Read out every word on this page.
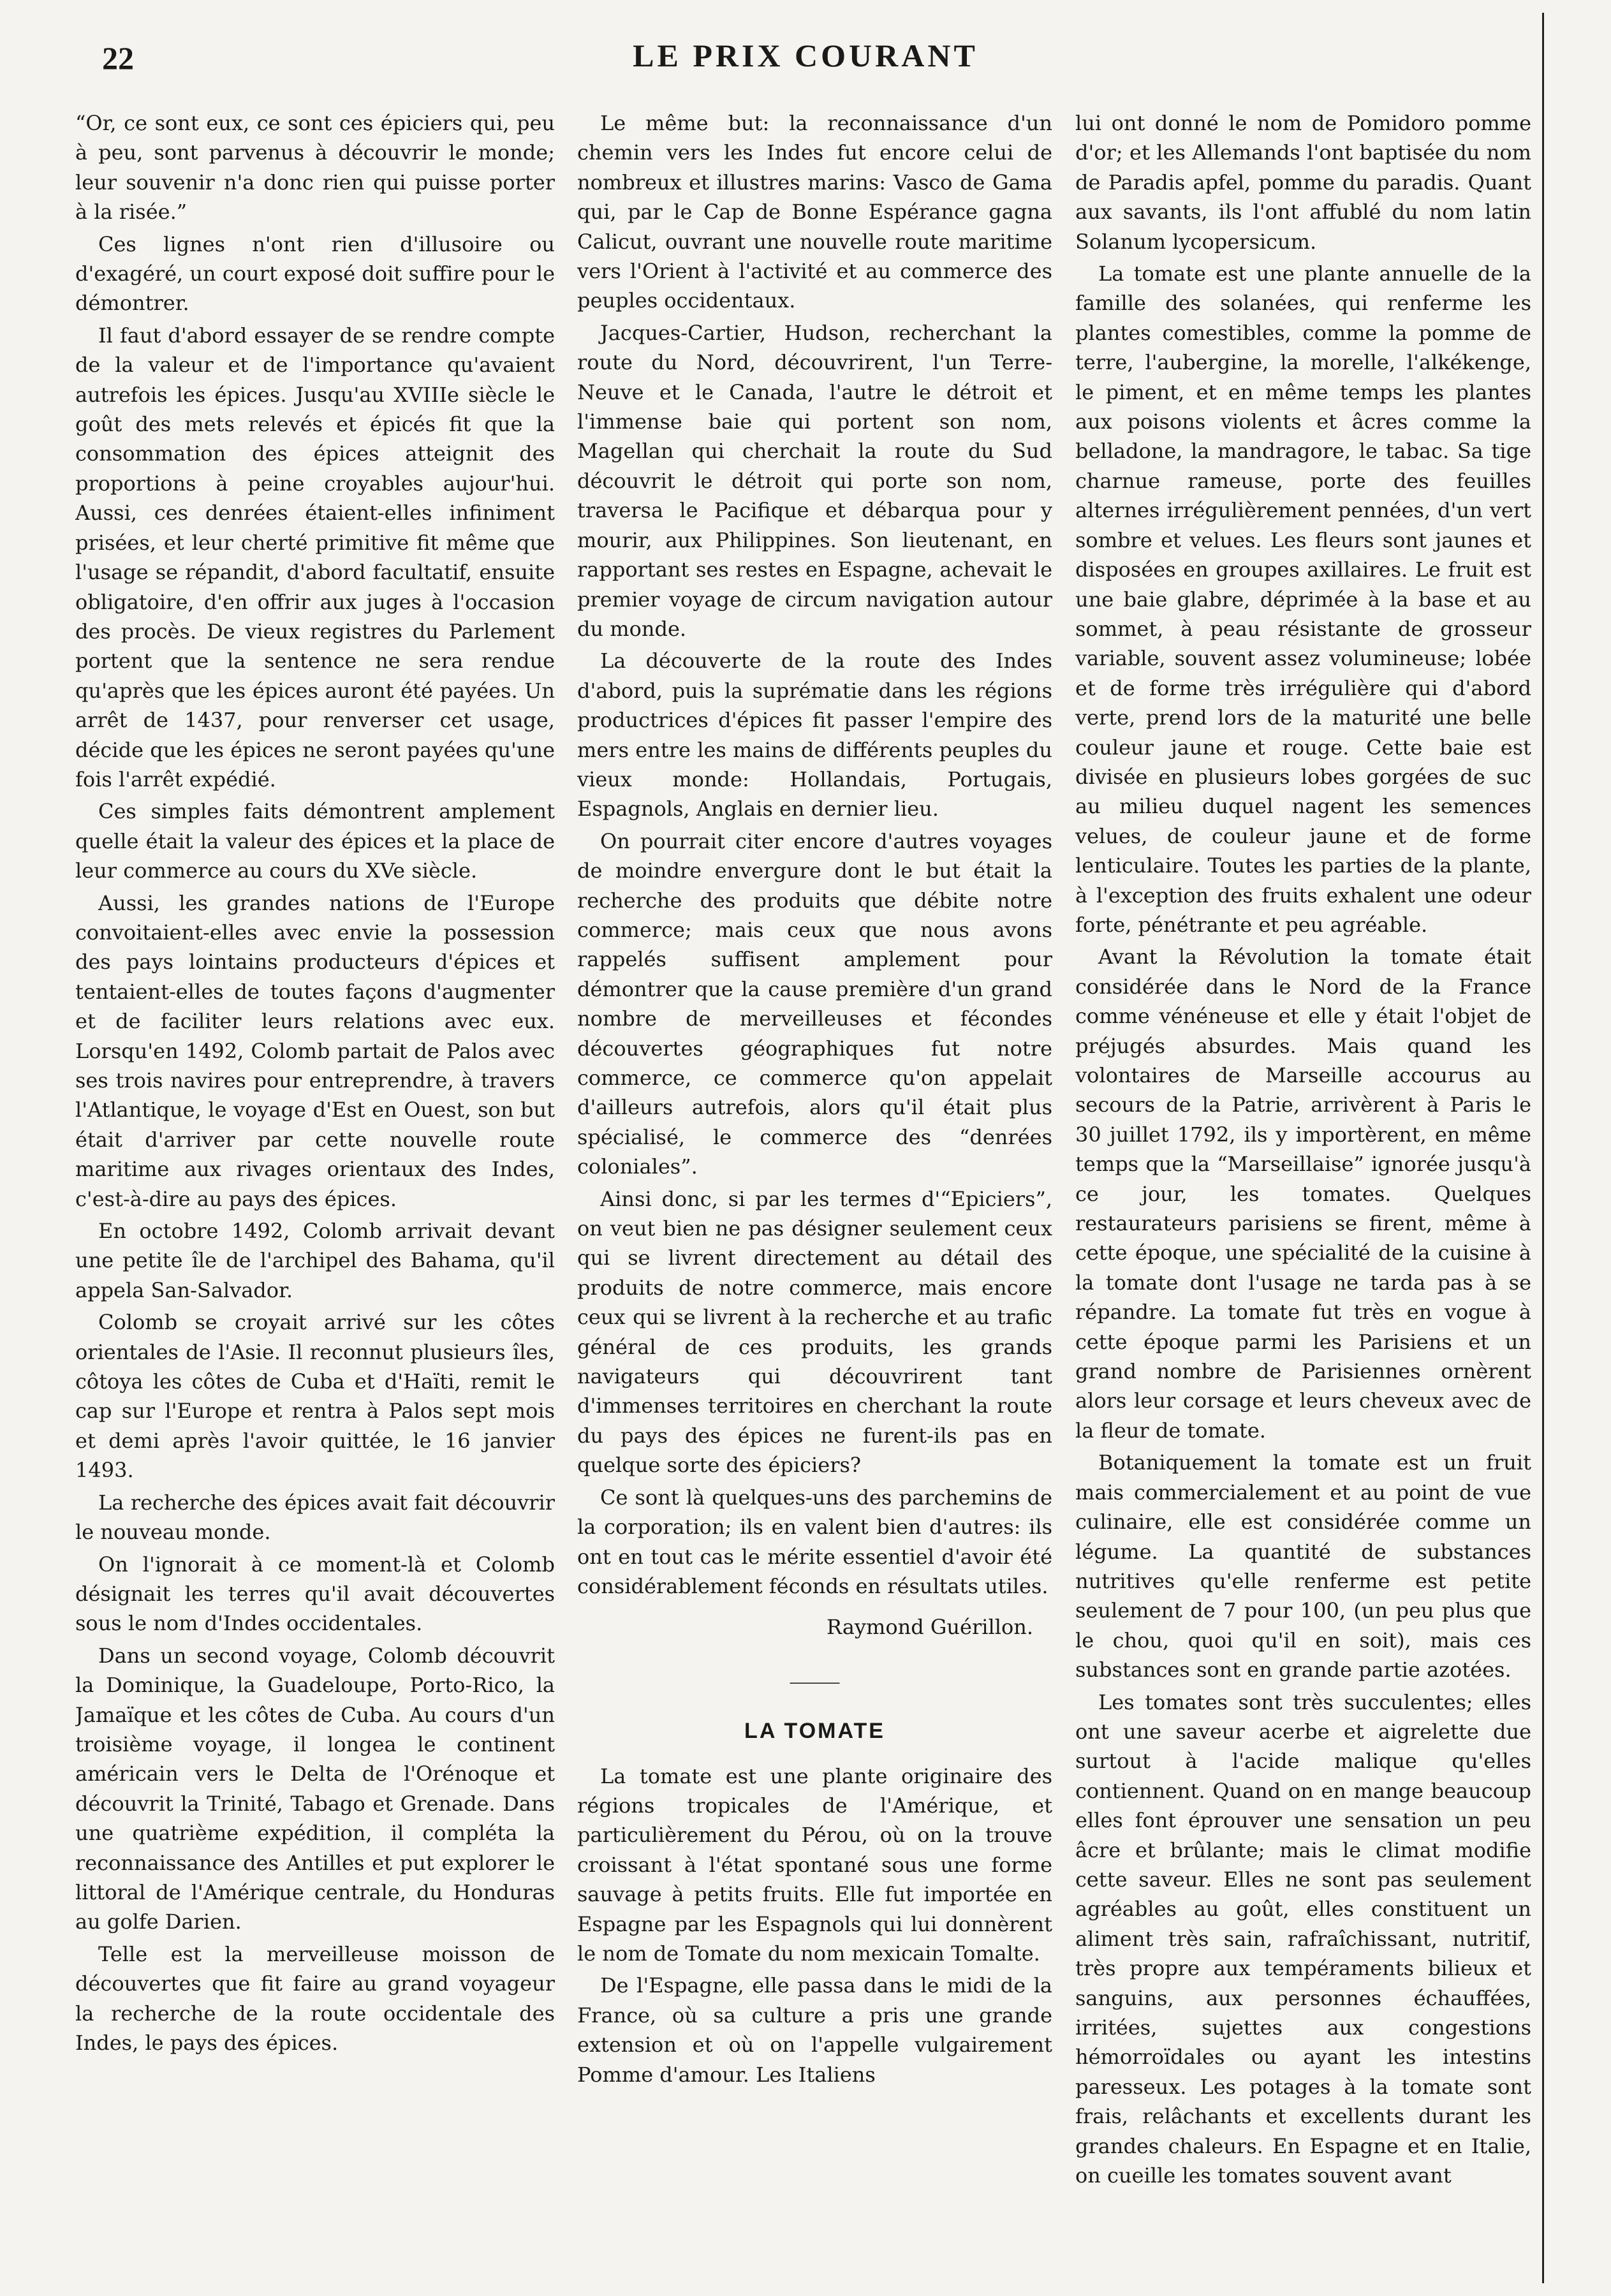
22	LE PRIX COURANT

“Or, ce sont eux, ce sont ces épiciers qui, peu à peu, sont parvenus à découvrir le monde; leur souvenir n'a donc rien qui puisse porter à la risée.”

Ces lignes n'ont rien d'illusoire ou d'exagéré, un court exposé doit suffire pour le démontrer.

Il faut d'abord essayer de se rendre compte de la valeur et de l'importance qu'avaient autrefois les épices. Jusqu'au XVIIIe siècle le goût des mets relevés et épicés fit que la consommation des épices atteignit des proportions à peine croyables aujour'hui. Aussi, ces denrées étaient-elles infiniment prisées, et leur cherté primitive fit même que l'usage se répandit, d'abord facultatif, ensuite obligatoire, d'en offrir aux juges à l'occasion des procès. De vieux registres du Parlement portent que la sentence ne sera rendue qu'après que les épices auront été payées. Un arrêt de 1437, pour renverser cet usage, décide que les épices ne seront payées qu'une fois l'arrêt expédié.

Ces simples faits démontrent amplement quelle était la valeur des épices et la place de leur commerce au cours du XVe siècle.

Aussi, les grandes nations de l'Europe convoitaient-elles avec envie la possession des pays lointains producteurs d'épices et tentaient-elles de toutes façons d'augmenter et de faciliter leurs relations avec eux. Lorsqu'en 1492, Colomb partait de Palos avec ses trois navires pour entreprendre, à travers l'Atlantique, le voyage d'Est en Ouest, son but était d'arriver par cette nouvelle route maritime aux rivages orientaux des Indes, c'est-à-dire au pays des épices.

En octobre 1492, Colomb arrivait devant une petite île de l'archipel des Bahama, qu'il appela San-Salvador.

Colomb se croyait arrivé sur les côtes orientales de l'Asie. Il reconnut plusieurs îles, côtoya les côtes de Cuba et d'Haïti, remit le cap sur l'Europe et rentra à Palos sept mois et demi après l'avoir quittée, le 16 janvier 1493.

La recherche des épices avait fait découvrir le nouveau monde.

On l'ignorait à ce moment-là et Colomb désignait les terres qu'il avait découvertes sous le nom d'Indes occidentales.

Dans un second voyage, Colomb découvrit la Dominique, la Guadeloupe, Porto-Rico, la Jamaïque et les côtes de Cuba. Au cours d'un troisième voyage, il longea le continent américain vers le Delta de l'Orénoque et découvrit la Trinité, Tabago et Grenade. Dans une quatrième expédition, il compléta la reconnaissance des Antilles et put explorer le littoral de l'Amérique centrale, du Honduras au golfe Darien.

Telle est la merveilleuse moisson de découvertes que fit faire au grand voyageur la recherche de la route occidentale des Indes, le pays des épices.

Le même but: la reconnaissance d'un chemin vers les Indes fut encore celui de nombreux et illustres marins: Vasco de Gama qui, par le Cap de Bonne Espérance gagna Calicut, ouvrant une nouvelle route maritime vers l'Orient à l'activité et au commerce des peuples occidentaux.

Jacques-Cartier, Hudson, recherchant la route du Nord, découvrirent, l'un Terre-Neuve et le Canada, l'autre le détroit et l'immense baie qui portent son nom, Magellan qui cherchait la route du Sud découvrit le détroit qui porte son nom, traversa le Pacifique et débarqua pour y mourir, aux Philippines. Son lieutenant, en rapportant ses restes en Espagne, achevait le premier voyage de circum navigation autour du monde.

La découverte de la route des Indes d'abord, puis la suprématie dans les régions productrices d'épices fit passer l'empire des mers entre les mains de différents peuples du vieux monde: Hollandais, Portugais, Espagnols, Anglais en dernier lieu.

On pourrait citer encore d'autres voyages de moindre envergure dont le but était la recherche des produits que débite notre commerce; mais ceux que nous avons rappelés suffisent amplement pour démontrer que la cause première d'un grand nombre de merveilleuses et fécondes découvertes géographiques fut notre commerce, ce commerce qu'on appelait d'ailleurs autrefois, alors qu'il était plus spécialisé, le commerce des “denrées coloniales”.

Ainsi donc, si par les termes d'“Epiciers”, on veut bien ne pas désigner seulement ceux qui se livrent directement au détail des produits de notre commerce, mais encore ceux qui se livrent à la recherche et au trafic général de ces produits, les grands navigateurs qui découvrirent tant d'immenses territoires en cherchant la route du pays des épices ne furent-ils pas en quelque sorte des épiciers?

Ce sont là quelques-uns des parchemins de la corporation; ils en valent bien d'autres: ils ont en tout cas le mérite essentiel d'avoir été considérablement féconds en résultats utiles.

Raymond Guérillon.

―――
LA TOMATE

La tomate est une plante originaire des régions tropicales de l'Amérique, et particulièrement du Pérou, où on la trouve croissant à l'état spontané sous une forme sauvage à petits fruits. Elle fut importée en Espagne par les Espagnols qui lui donnèrent le nom de Tomate du nom mexicain Tomalte.

De l'Espagne, elle passa dans le midi de la France, où sa culture a pris une grande extension et où on l'appelle vulgairement Pomme d'amour. Les Italiens

lui ont donné le nom de Pomidoro pomme d'or; et les Allemands l'ont baptisée du nom de Paradis apfel, pomme du paradis. Quant aux savants, ils l'ont affublé du nom latin Solanum lycopersicum.

La tomate est une plante annuelle de la famille des solanées, qui renferme les plantes comestibles, comme la pomme de terre, l'aubergine, la morelle, l'alkékenge, le piment, et en même temps les plantes aux poisons violents et âcres comme la belladone, la mandragore, le tabac. Sa tige charnue rameuse, porte des feuilles alternes irrégulièrement pennées, d'un vert sombre et velues. Les fleurs sont jaunes et disposées en groupes axillaires. Le fruit est une baie glabre, déprimée à la base et au sommet, à peau résistante de grosseur variable, souvent assez volumineuse; lobée et de forme très irrégulière qui d'abord verte, prend lors de la maturité une belle couleur jaune et rouge. Cette baie est divisée en plusieurs lobes gorgées de suc au milieu duquel nagent les semences velues, de couleur jaune et de forme lenticulaire. Toutes les parties de la plante, à l'exception des fruits exhalent une odeur forte, pénétrante et peu agréable.

Avant la Révolution la tomate était considérée dans le Nord de la France comme vénéneuse et elle y était l'objet de préjugés absurdes. Mais quand les volontaires de Marseille accourus au secours de la Patrie, arrivèrent à Paris le 30 juillet 1792, ils y importèrent, en même temps que la “Marseillaise” ignorée jusqu'à ce jour, les tomates. Quelques restaurateurs parisiens se firent, même à cette époque, une spécialité de la cuisine à la tomate dont l'usage ne tarda pas à se répandre. La tomate fut très en vogue à cette époque parmi les Parisiens et un grand nombre de Parisiennes ornèrent alors leur corsage et leurs cheveux avec de la fleur de tomate.

Botaniquement la tomate est un fruit mais commercialement et au point de vue culinaire, elle est considérée comme un légume. La quantité de substances nutritives qu'elle renferme est petite seulement de 7 pour 100, (un peu plus que le chou, quoi qu'il en soit), mais ces substances sont en grande partie azotées.

Les tomates sont très succulentes; elles ont une saveur acerbe et aigrelette due surtout à l'acide malique qu'elles contiennent. Quand on en mange beaucoup elles font éprouver une sensation un peu âcre et brûlante; mais le climat modifie cette saveur. Elles ne sont pas seulement agréables au goût, elles constituent un aliment très sain, rafraîchissant, nutritif, très propre aux tempéraments bilieux et sanguins, aux personnes échauffées, irritées, sujettes aux congestions hémorroïdales ou ayant les intestins paresseux. Les potages à la tomate sont frais, relâchants et excellents durant les grandes chaleurs. En Espagne et en Italie, on cueille les tomates souvent avant
